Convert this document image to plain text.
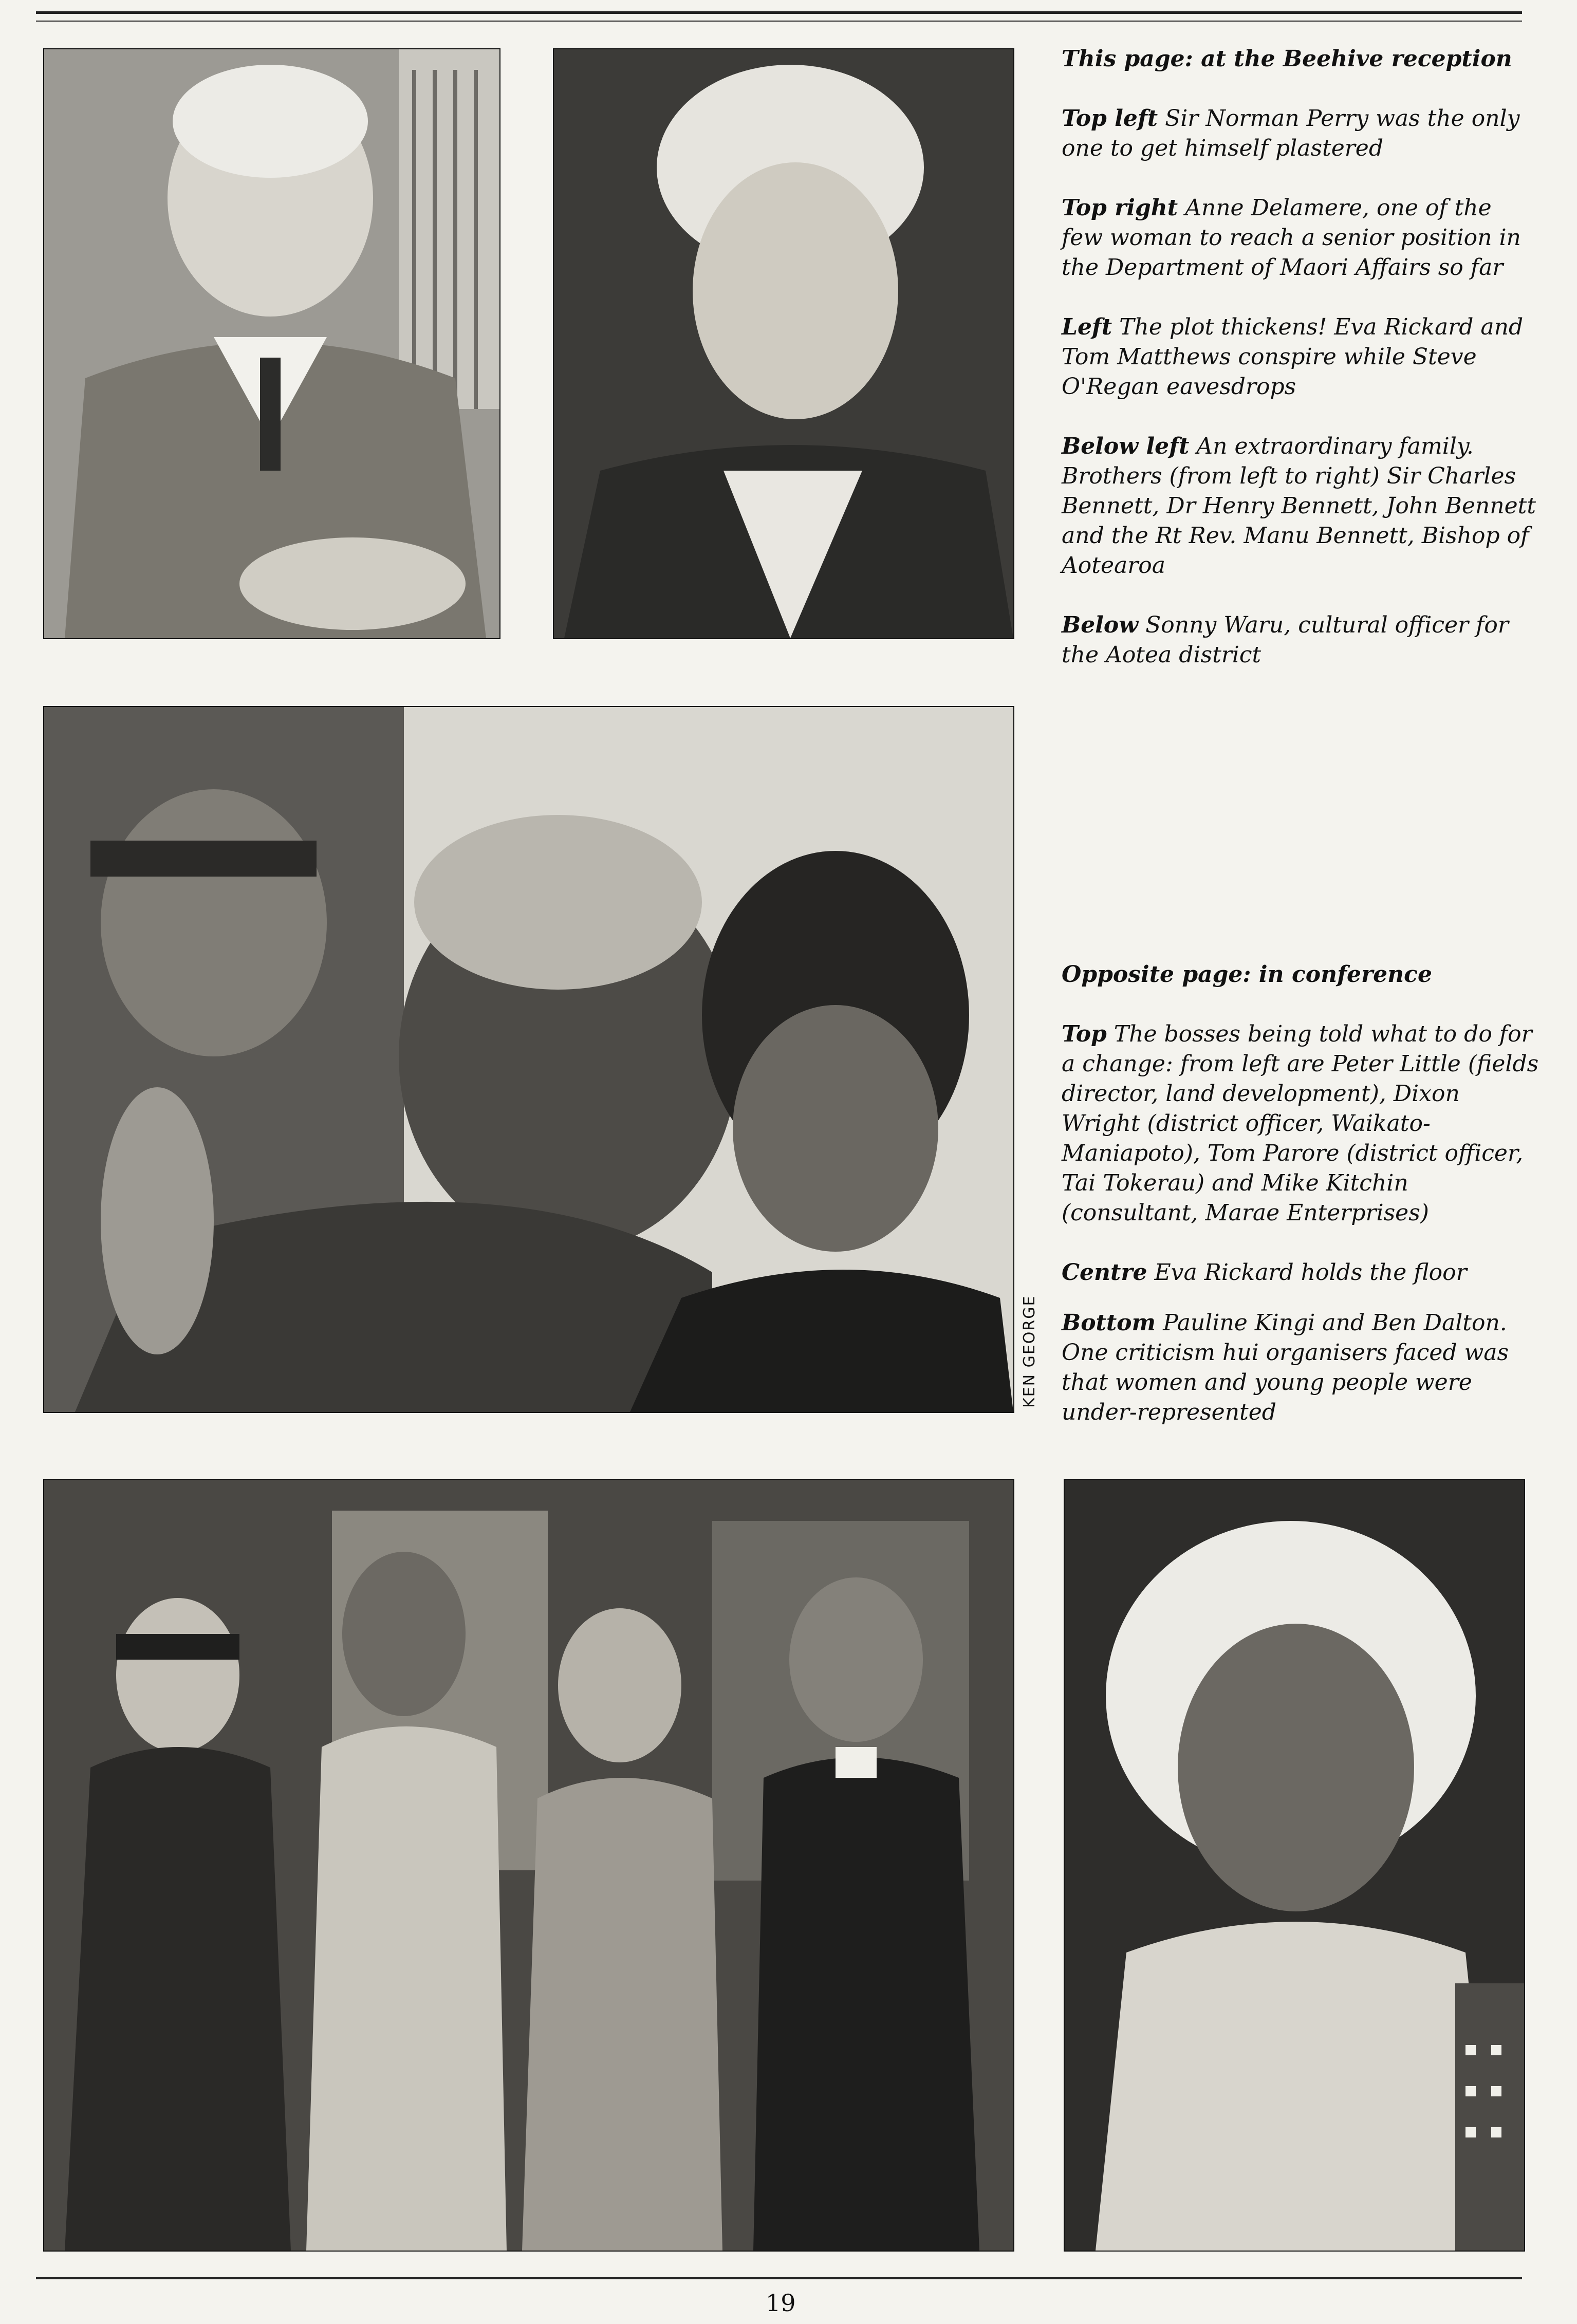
This page: at the Beehive reception

Top left Sir Norman Perry was the only one to get himself plastered

Top right Anne Delamere, one of the few woman to reach a senior position in the Department of Maori Affairs so far

Left The plot thickens! Eva Rickard and Tom Matthews conspire while Steve O'Regan eavesdrops

Below left An extraordinary family. Brothers (from left to right) Sir Charles Bennett, Dr Henry Bennett, John Bennett and the Rt Rev. Manu Bennett, Bishop of Aotearoa

Below Sonny Waru, cultural officer for the Aotea district

KEN GEORGE

Opposite page: in conference

Top The bosses being told what to do for a change: from left are Peter Little (fields director, land development), Dixon Wright (district officer, Waikato-Maniapoto), Tom Parore (district officer, Tai Tokerau) and Mike Kitchin (consultant, Marae Enterprises)

Centre Eva Rickard holds the floor

Bottom Pauline Kingi and Ben Dalton. One criticism hui organisers faced was that women and young people were under-represented

19
